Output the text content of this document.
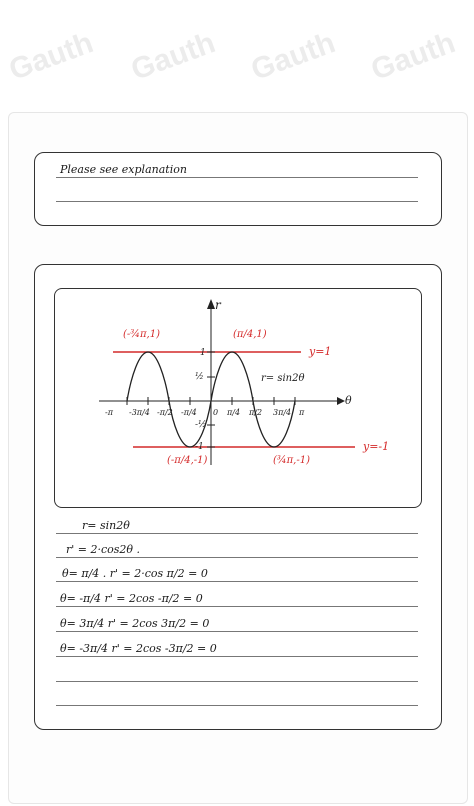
Gauth Gauth Gauth Gauth
Please see explanation
r
θ
(-¾π,1)	(π/4,1)
(-π/4,-1)	(¾π,-1)
y=1
y=-1
r= sin2θ
½
1
-½
-1
-π -3π/4 -π/2 -π/4 0 π/4 π/2 3π/4 π
r= sin2θ
r' = 2·cos2θ .
θ= π/4 . r' = 2·cos π/2 = 0
θ= -π/4 r' = 2cos -π/2 = 0
θ= 3π/4 r' = 2cos 3π/2 = 0
θ= -3π/4 r' = 2cos -3π/2 = 0
